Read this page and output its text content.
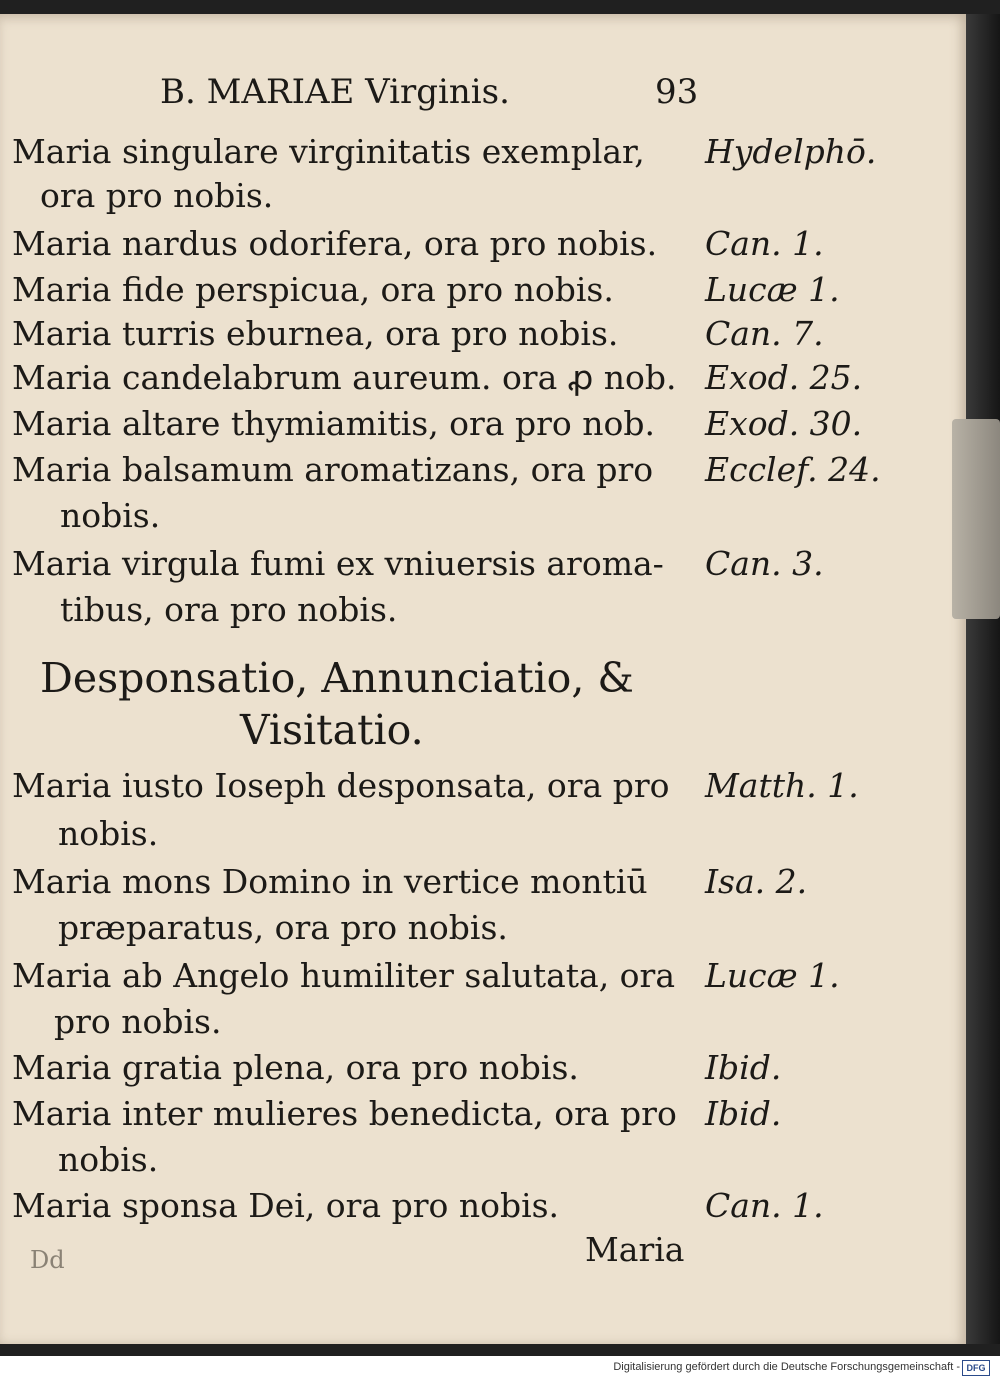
B. MARIAE Virginis.	93
Maria singulare virginitatis exemplar, Hydelphō.
ora pro nobis.
Maria nardus odorifera, ora pro nobis. Can. 1.
Maria fide perspicua, ora pro nobis.	Lucæ 1.
Maria turris eburnea, ora pro nobis.	Can. 7.
Maria candelabrum aureum. ora ꝓ nob. Exod. 25.
Maria altare thymiamitis, ora pro nob. Exod. 30.
Maria balsamum aromatizans, ora pro Ecclef. 24.
nobis.
Maria virgula fumi ex vniuersis aroma- Can. 3.
tibus, ora pro nobis.
Desponsatio, Annunciatio, &
Visitatio.
Maria iusto Ioseph desponsata, ora pro Matth. 1.
nobis.
Maria mons Domino in vertice montiū Isa. 2.
præparatus, ora pro nobis.
Maria ab Angelo humiliter salutata, ora Lucæ 1.
pro nobis.
Maria gratia plena, ora pro nobis.	Ibid.
Maria inter mulieres benedicta, ora pro Ibid.
nobis.
Maria sponsa Dei, ora pro nobis.	Can. 1.
Maria
Dd
Digitalisierung gefördert durch die Deutsche Forschungsgemeinschaft - DFG
